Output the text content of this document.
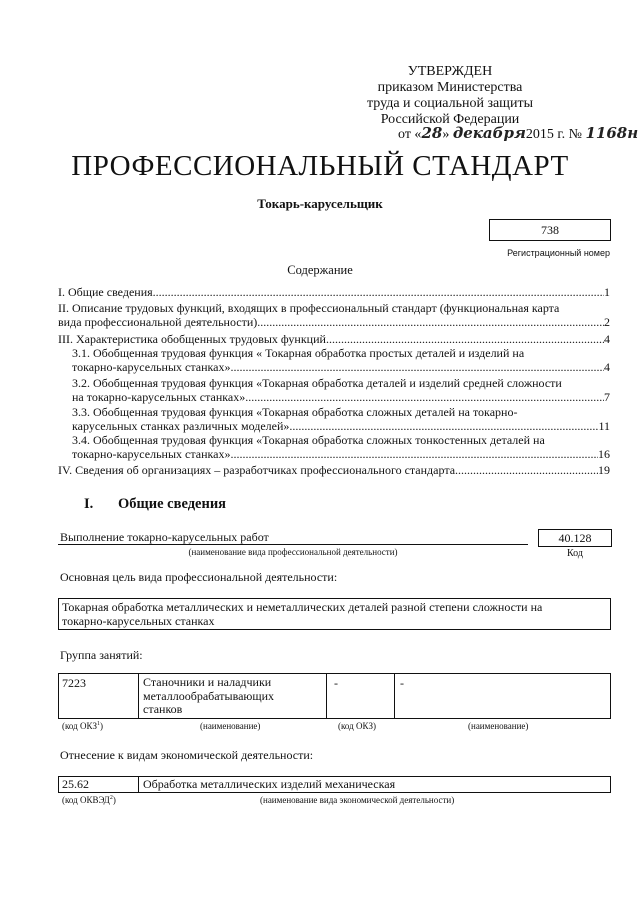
УТВЕРЖДЕН
приказом Министерства
труда и социальной защиты
Российской Федерации
от «28» декабря2015 г. № 1168н
ПРОФЕССИОНАЛЬНЫЙ СТАНДАРТ
Токарь-карусельщик
738
Регистрационный номер
Содержание
I. Общие сведения .....	1
II. Описание трудовых функций, входящих в профессиональный стандарт (функциональная карта
вида профессиональной деятельности) .....	2
III. Характеристика обобщенных трудовых функций .....	4
3.1. Обобщенная трудовая функция « Токарная обработка простых деталей и изделий на
токарно-карусельных станках» .....	4
3.2. Обобщенная трудовая функция «Токарная обработка деталей и изделий средней сложности
на токарно-карусельных станках» .....	7
3.3. Обобщенная трудовая функция «Токарная обработка сложных деталей на токарно-
карусельных станках различных моделей» .....	11
3.4. Обобщенная трудовая функция «Токарная обработка сложных тонкостенных деталей на
токарно-карусельных станках» .....	16
IV. Сведения об организациях – разработчиках профессионального стандарта .....	19
I. Общие сведения
Выполнение токарно-карусельных работ
(наименование вида профессиональной деятельности)
40.128
Код
Основная цель вида профессиональной деятельности:
Токарная обработка металлических и неметаллических деталей разной степени сложности на
токарно-карусельных станках
Группа занятий:
7223	Станочники и наладчики
металлообрабатывающих
станков
-	-
(код ОКЗ$^1$)	(наименование)	(код ОКЗ)	(наименование)
Отнесение к видам экономической деятельности:
25.62	Обработка металлических изделий механическая
(код ОКВЭД$^2$)	(наименование вида экономической деятельности)
